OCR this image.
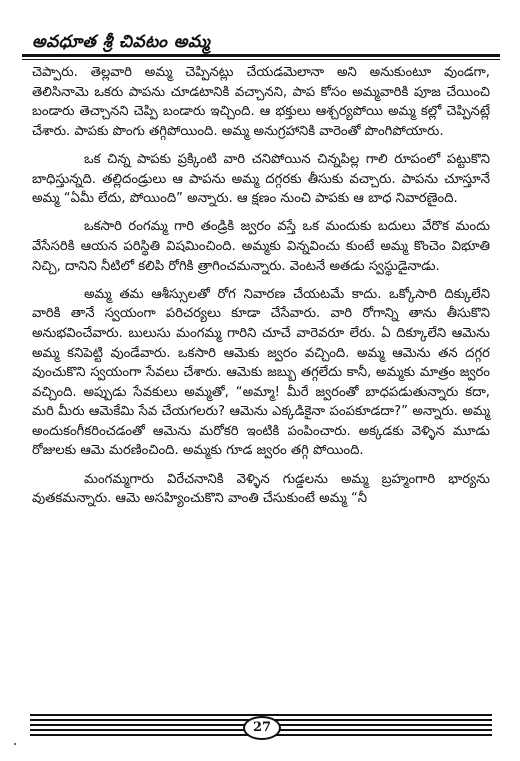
అవధూత శ్రీ చివటం అమ్మ

చెప్పారు. తెల్లవారి అమ్మ చెప్పినట్లు చేయడమెలానా అని అనుకుంటూ వుండగా, తెలిసినామె ఒకరు పాపను చూడటానికి వచ్చానని, పాప కోసం అమ్మవారికి పూజ చేయించి బండారు తెచ్చానని చెప్పి బండారు ఇచ్చింది. ఆ భక్తులు ఆశ్చర్యపోయి అమ్మ కల్లో చెప్పినట్లే చేశారు. పాపకు పొంగు తగ్గిపోయింది. అమ్మ అనుగ్రహానికి వారెంతో పొంగిపోయారు.

ఒక చిన్న పాపకు ప్రక్కింటి వారి చనిపోయిన చిన్నపిల్ల గాలి రూపంలో పట్టుకొని బాధిస్తున్నది. తల్లిదండ్రులు ఆ పాపను అమ్మ దగ్గరకు తీసుకు వచ్చారు. పాపను చూస్తూనే అమ్మ “ఏమీ లేదు, పోయింది” అన్నారు. ఆ క్షణం నుంచి పాపకు ఆ బాధ నివారణైంది.

ఒకసారి రంగమ్మ గారి తండ్రికి జ్వరం వస్తే ఒక మందుకు బదులు వేరొక మందు వేసేసరికి ఆయన పరిస్థితి విషమించింది. అమ్మకు విన్నవించు కుంటే అమ్మ కొంచెం విభూతి నిచ్చి, దానిని నీటిలో కలిపి రోగికి త్రాగించమన్నారు. వెంటనే అతడు స్వస్థుడైనాడు.

అమ్మ తమ ఆశీస్సులతో రోగ నివారణ చేయటమే కాదు. ఒక్కోసారి దిక్కులేని వారికి తానే స్వయంగా పరిచర్యలు కూడా చేసేవారు. వారి రోగాన్ని తాను తీసుకొని అనుభవించేవారు. బులుసు మంగమ్మ గారిని చూచే వారెవరూ లేరు. ఏ దిక్కూలేని ఆమెను అమ్మ కనిపెట్టి వుండేవారు. ఒకసారి ఆమెకు జ్వరం వచ్చింది. అమ్మ ఆమెను తన దగ్గర వుంచుకొని స్వయంగా సేవలు చేశారు. ఆమెకు జబ్బు తగ్గలేదు కానీ, అమ్మకు మాత్రం జ్వరం వచ్చింది. అప్పుడు సేవకులు అమ్మతో, “అమ్మా! మీరే జ్వరంతో బాధపడుతున్నారు కదా, మరి మీరు ఆమెకేమి సేవ చేయగలరు? ఆమెను ఎక్కడికైనా పంపకూడదా?” అన్నారు. అమ్మ అందుకంగీకరించడంతో ఆమెను మరోకరి ఇంటికి పంపించారు. అక్కడకు వెళ్ళిన మూడు రోజులకు ఆమె మరణించింది. అమ్మకు గూడ జ్వరం తగ్గి పోయింది.

మంగమ్మగారు విరేచనానికి వెళ్ళిన గుడ్డలను అమ్మ బ్రహ్మంగారి భార్యను వుతకమన్నారు. ఆమె అసహ్యించుకొని వాంతి చేసుకుంటే అమ్మ “నీ

27
